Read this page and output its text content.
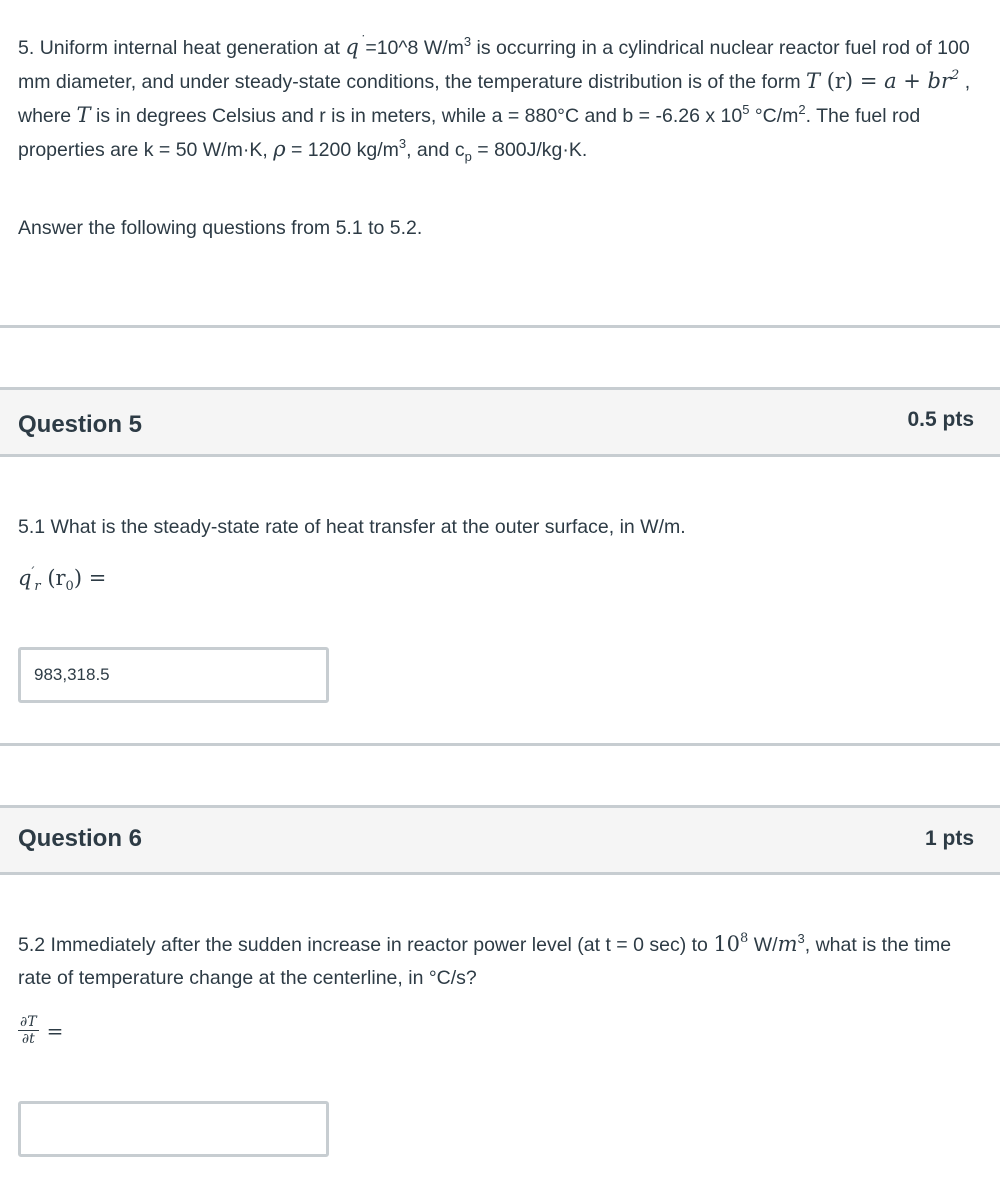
5. Uniform internal heat generation at q˙=10^8 $W/m^3$ is occurring in a cylindrical nuclear reactor fuel rod of 100 mm diameter, and under steady-state conditions, the temperature distribution is of the form T $(r) = a + br^2$ , where T is in degrees Celsius and r is in meters, while a = 880°C and b = -6.26 x $10^5$ $^\circ C/m^2$. The fuel rod properties are k = 50 W/m·K, ρ = 1200 $kg/m^3$, and $c_p = 800J/kg\cdot K$.

Answer the following questions from 5.1 to 5.2.
Question 5	0.5 pts
5.1 What is the steady-state rate of heat transfer at the outer surface, in W/m.
$q'_r$ $(r_0)$ =
983,318.5
Question 6	1 pts

5.2 Immediately after the sudden increase in reactor power level (at t = 0 sec) to $10^8$ $W/m^3$, what is the time rate of temperature change at the centerline, in °C/s?

$\frac{\partial T}{\partial t}$ =
